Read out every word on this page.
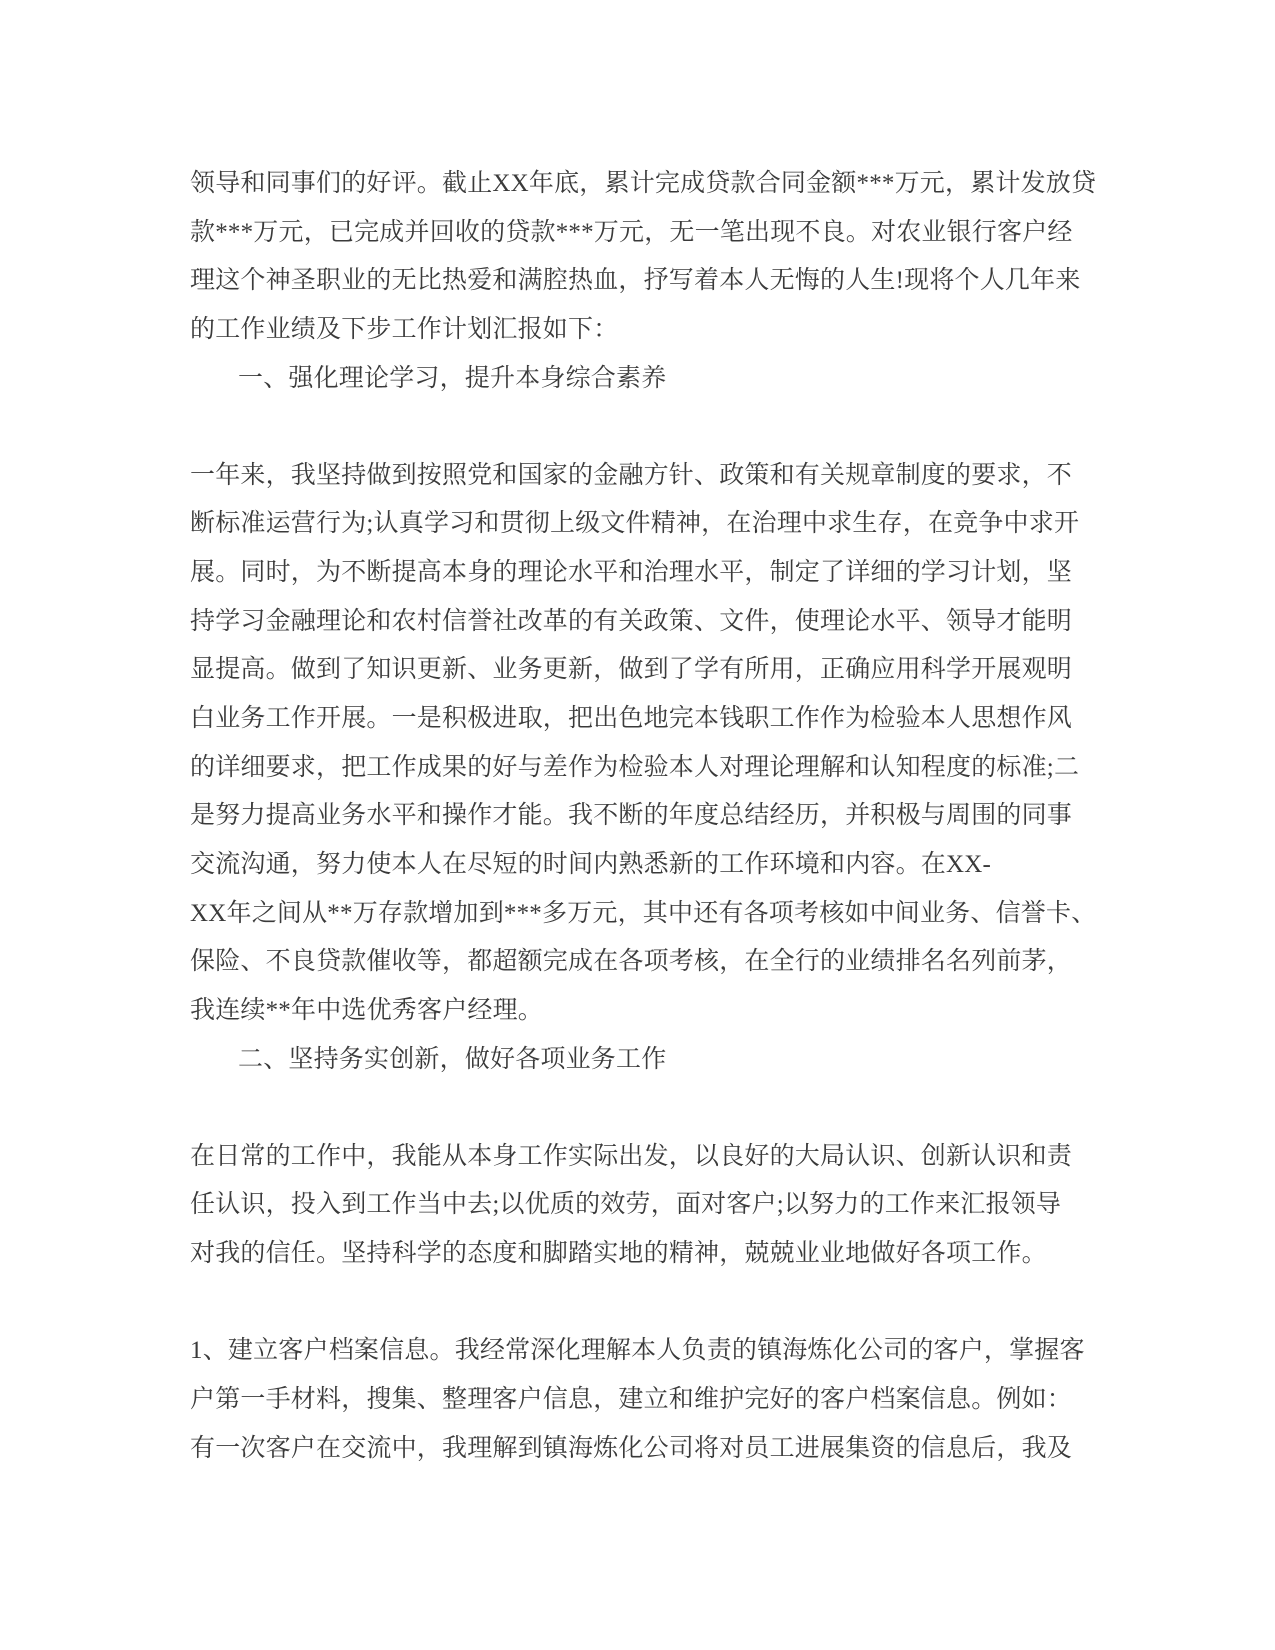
领导和同事们的好评。截止XX年底，累计完成贷款合同金额***万元，累计发放贷
款***万元，已完成并回收的贷款***万元，无一笔出现不良。对农业银行客户经
理这个神圣职业的无比热爱和满腔热血，抒写着本人无悔的人生!现将个人几年来
的工作业绩及下步工作计划汇报如下：
一、强化理论学习，提升本身综合素养
一年来，我坚持做到按照党和国家的金融方针、政策和有关规章制度的要求，不
断标准运营行为;认真学习和贯彻上级文件精神，在治理中求生存，在竞争中求开
展。同时，为不断提高本身的理论水平和治理水平，制定了详细的学习计划，坚
持学习金融理论和农村信誉社改革的有关政策、文件，使理论水平、领导才能明
显提高。做到了知识更新、业务更新，做到了学有所用，正确应用科学开展观明
白业务工作开展。一是积极进取，把出色地完本钱职工作作为检验本人思想作风
的详细要求，把工作成果的好与差作为检验本人对理论理解和认知程度的标准;二
是努力提高业务水平和操作才能。我不断的年度总结经历，并积极与周围的同事
交流沟通，努力使本人在尽短的时间内熟悉新的工作环境和内容。在XX-
XX年之间从**万存款增加到***多万元，其中还有各项考核如中间业务、信誉卡、
保险、不良贷款催收等，都超额完成在各项考核，在全行的业绩排名名列前茅，
我连续**年中选优秀客户经理。
二、坚持务实创新，做好各项业务工作
在日常的工作中，我能从本身工作实际出发，以良好的大局认识、创新认识和责
任认识，投入到工作当中去;以优质的效劳，面对客户;以努力的工作来汇报领导
对我的信任。坚持科学的态度和脚踏实地的精神，兢兢业业地做好各项工作。
1、建立客户档案信息。我经常深化理解本人负责的镇海炼化公司的客户，掌握客
户第一手材料，搜集、整理客户信息，建立和维护完好的客户档案信息。例如：
有一次客户在交流中，我理解到镇海炼化公司将对员工进展集资的信息后，我及
